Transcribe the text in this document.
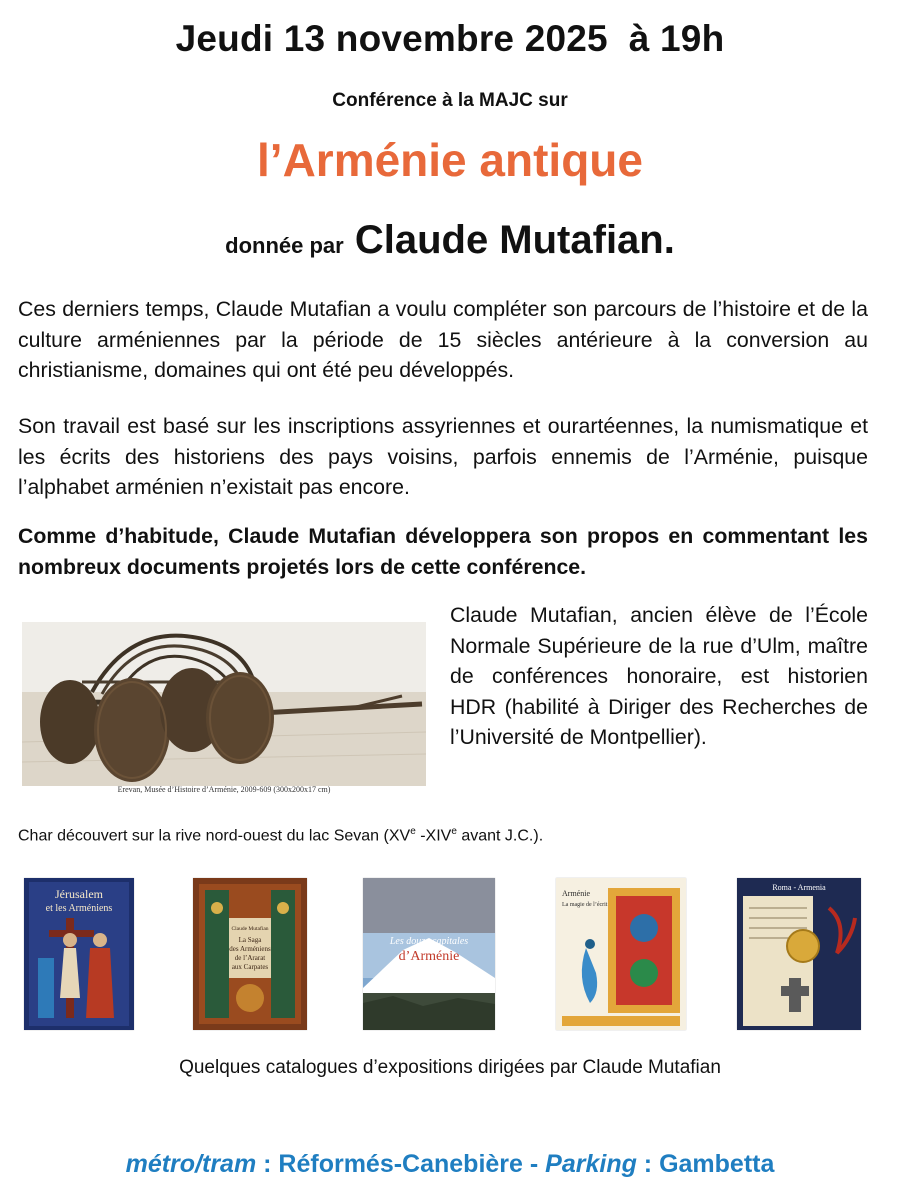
Jeudi 13 novembre 2025  à 19h
Conférence à la MAJC sur
l’Arménie antique
donnée par Claude Mutafian.
Ces derniers temps, Claude Mutafian a voulu compléter son parcours de l’histoire et de la culture arméniennes par la période de 15 siècles antérieure à la conversion au christianisme, domaines qui ont été peu développés.
Son travail est basé sur les inscriptions assyriennes et ourartéennes, la numismatique et les écrits des historiens des pays voisins, parfois ennemis de l’Arménie, puisque l’alphabet arménien n’existait pas encore.
Comme d’habitude, Claude Mutafian développera son propos en commentant les nombreux documents projetés lors de cette conférence.
Erevan, Musée d’Histoire d’Arménie, 2009-609 (300x200x17 cm)
Claude Mutafian, ancien élève de l’École Normale Supérieure de la rue d’Ulm, maître de conférences honoraire, est historien HDR (habilité à Diriger des Recherches de l’Université de Montpellier).
Char découvert sur la rive nord-ouest du lac Sevan (XVe -XIVe avant J.C.).
Jérusalem
et les Arméniens
Claude Mutafian
La Saga
des Arméniens
de l’Ararat
aux Carpates
Les douze capitales
d’Arménie
Arménie
La magie de l’écrit
Roma - Armenia
Quelques catalogues d’expositions dirigées par Claude Mutafian
métro/tram : Réformés-Canebière - Parking : Gambetta
